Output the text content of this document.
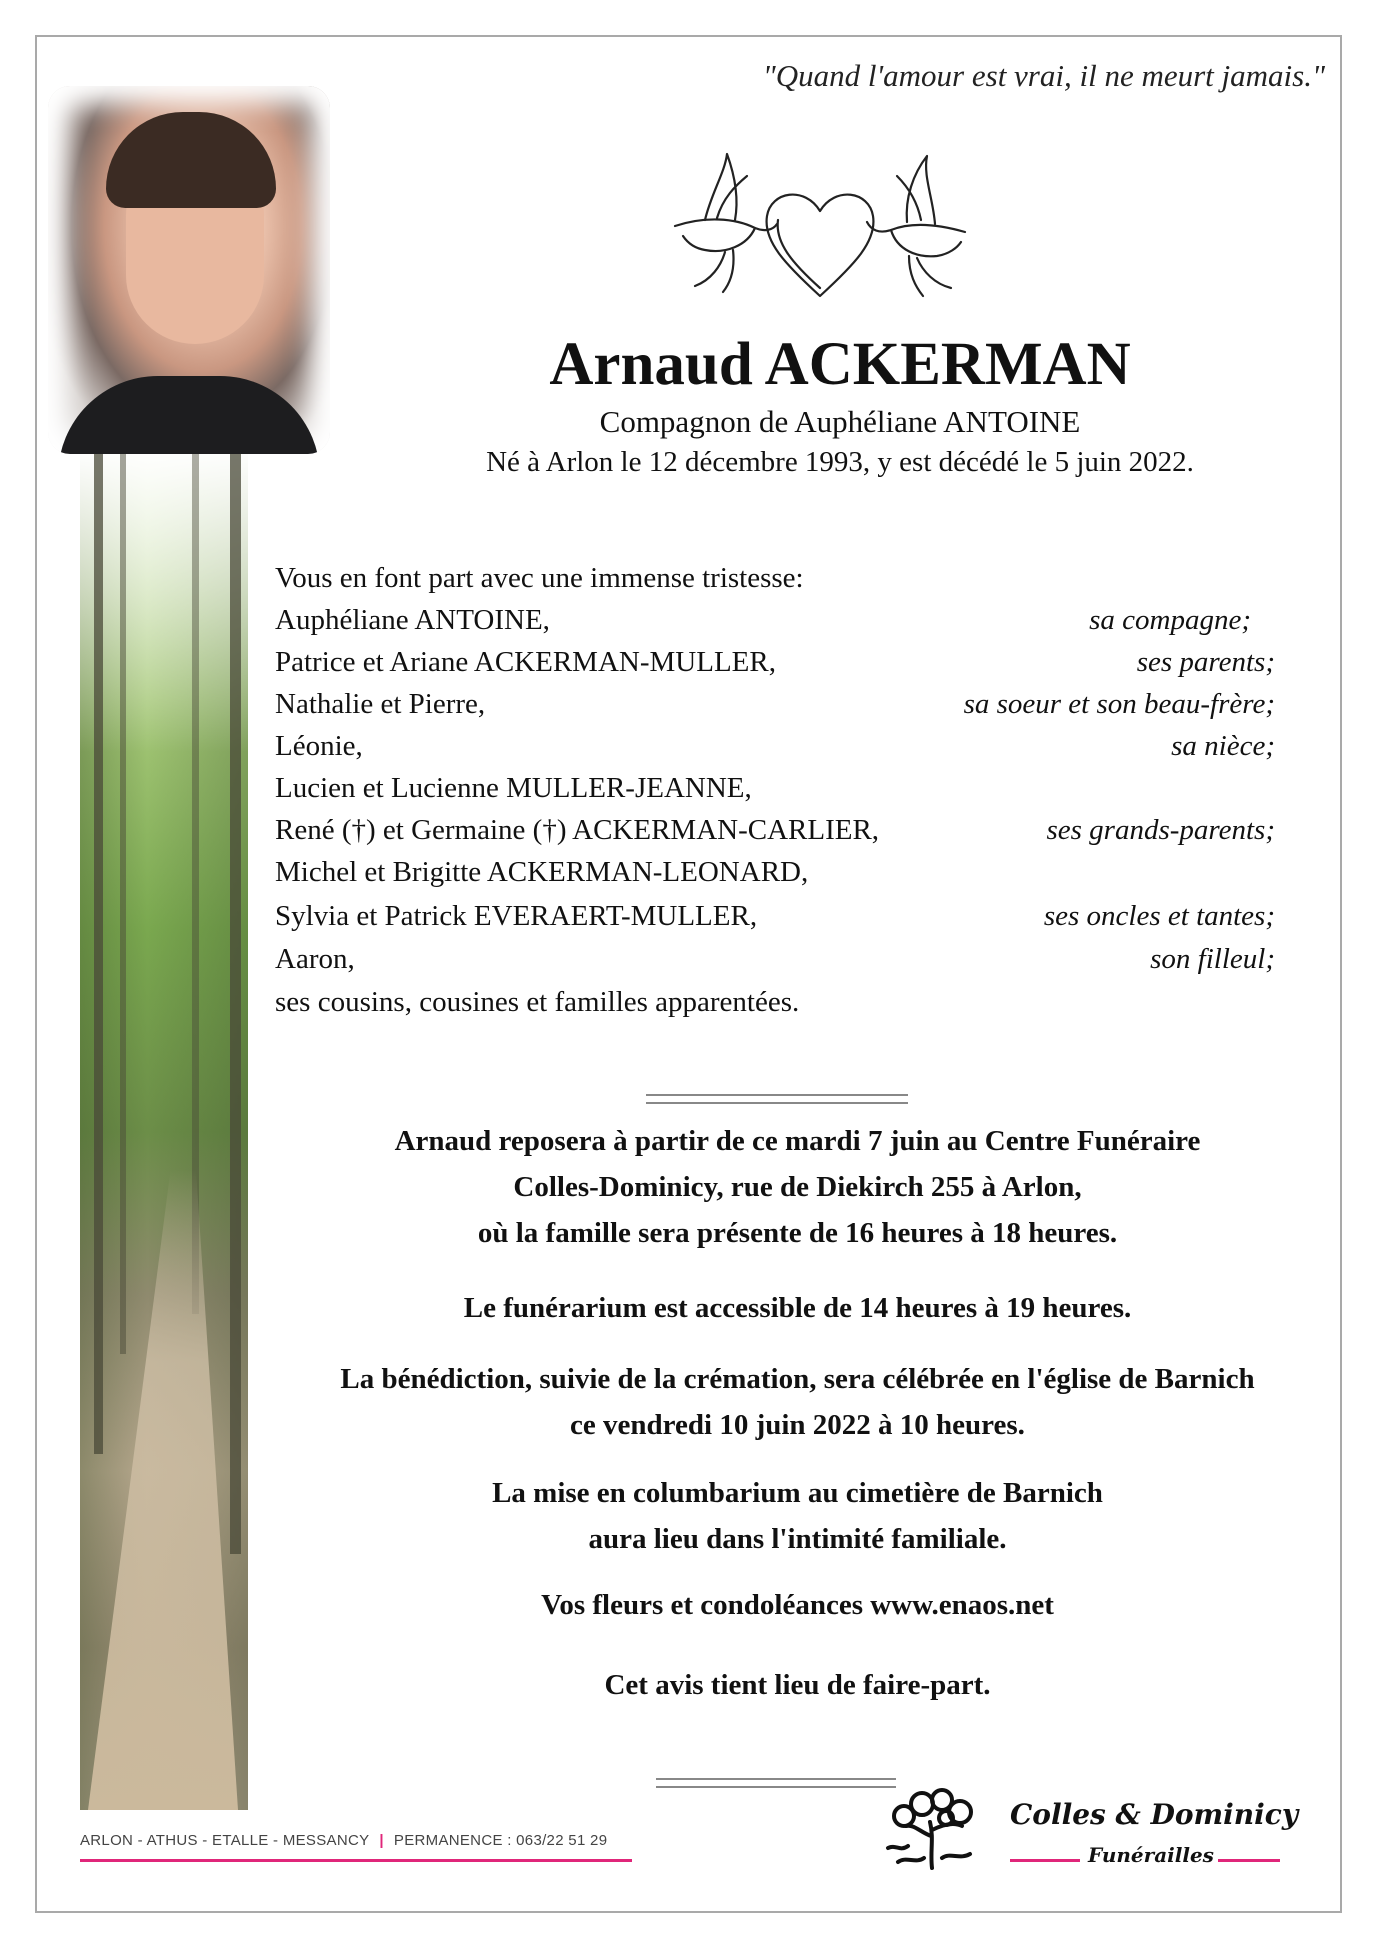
"Quand l'amour est vrai, il ne meurt jamais."
Arnaud ACKERMAN
Compagnon de Auphéliane ANTOINE
Né à Arlon le 12 décembre 1993, y est décédé le 5 juin 2022.
Vous en font part avec une immense tristesse:
Auphéliane ANTOINE,	sa compagne;
Patrice et Ariane ACKERMAN-MULLER,	ses parents;
Nathalie et Pierre,	sa soeur et son beau-frère;
Léonie,	sa nièce;
Lucien et Lucienne MULLER-JEANNE,
René (†) et Germaine (†) ACKERMAN-CARLIER,	ses grands-parents;
Michel et Brigitte ACKERMAN-LEONARD,
Sylvia et Patrick EVERAERT-MULLER,	ses oncles et tantes;
Aaron,	son filleul;
ses cousins, cousines et familles apparentées.
Arnaud reposera à partir de ce mardi 7 juin au Centre Funéraire
Colles-Dominicy, rue de Diekirch 255 à Arlon,
où la famille sera présente de 16 heures à 18 heures.
Le funérarium est accessible de 14 heures à 19 heures.
La bénédiction, suivie de la crémation, sera célébrée en l'église de Barnich
ce vendredi 10 juin 2022 à 10 heures.
La mise en columbarium au cimetière de Barnich
aura lieu dans l'intimité familiale.
Vos fleurs et condoléances www.enaos.net
Cet avis tient lieu de faire-part.
ARLON - ATHUS - ETALLE - MESSANCY | PERMANENCE : 063/22 51 29
Colles & Dominicy
Funérailles
